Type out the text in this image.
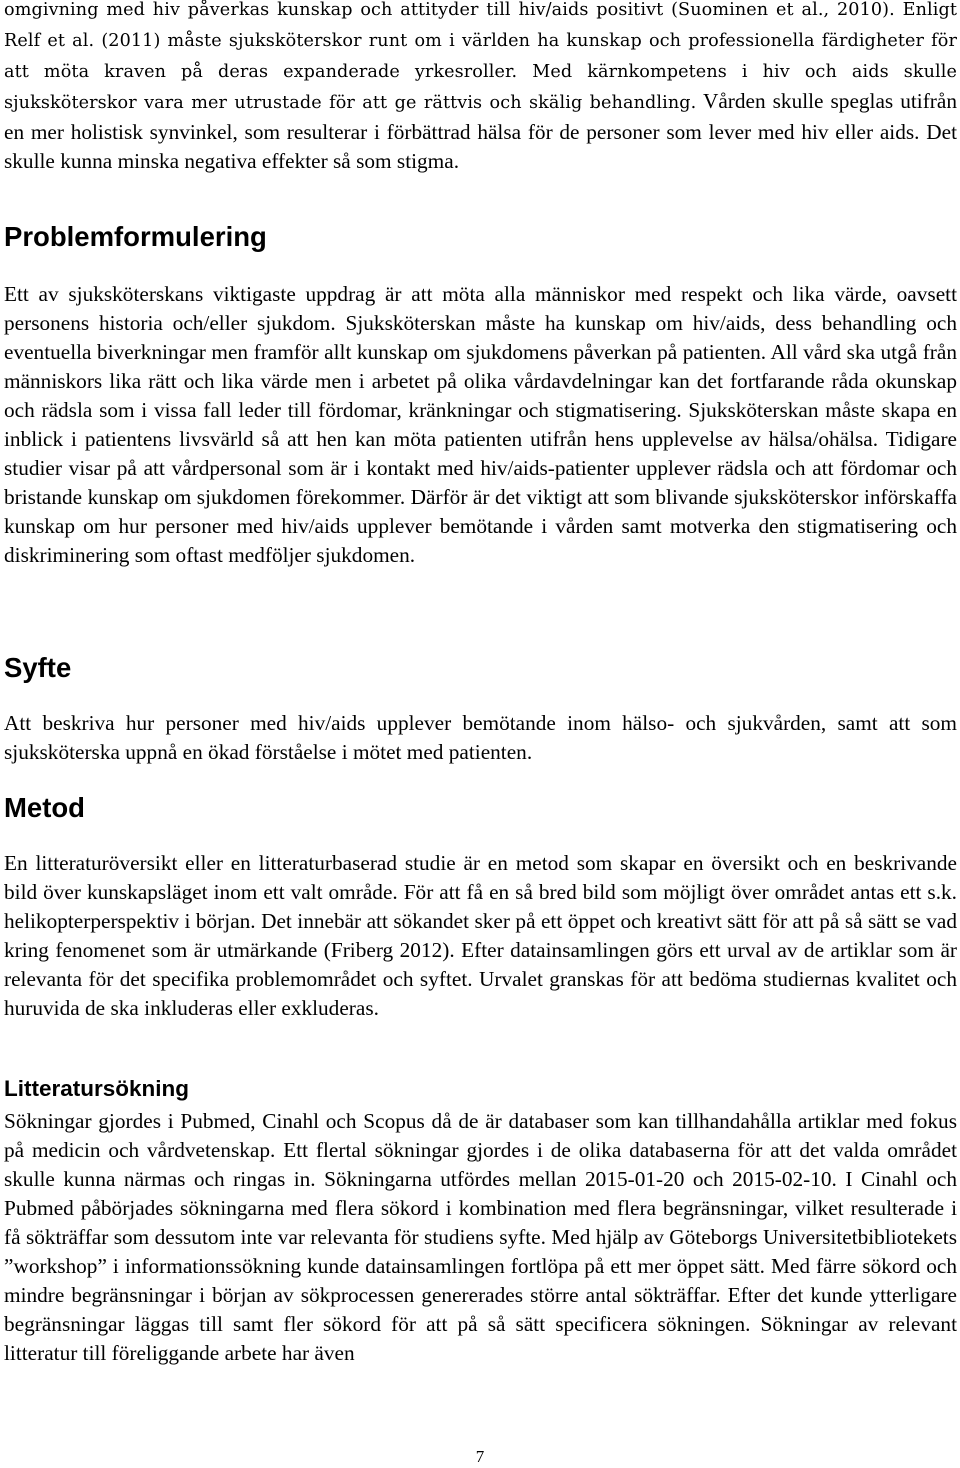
omgivning med hiv påverkas kunskap och attityder till hiv/aids positivt (Suominen et al., 2010). Enligt Relf et al. (2011) måste sjuksköterskor runt om i världen ha kunskap och professionella färdigheter för att möta kraven på deras expanderade yrkesroller. Med kärnkompetens i hiv och aids skulle sjuksköterskor vara mer utrustade för att ge rättvis och skälig behandling. Vården skulle speglas utifrån en mer holistisk synvinkel, som resulterar i förbättrad hälsa för de personer som lever med hiv eller aids. Det skulle kunna minska negativa effekter så som stigma.

Problemformulering

Ett av sjuksköterskans viktigaste uppdrag är att möta alla människor med respekt och lika värde, oavsett personens historia och/eller sjukdom. Sjuksköterskan måste ha kunskap om hiv/aids, dess behandling och eventuella biverkningar men framför allt kunskap om sjukdomens påverkan på patienten. All vård ska utgå från människors lika rätt och lika värde men i arbetet på olika vårdavdelningar kan det fortfarande råda okunskap och rädsla som i vissa fall leder till fördomar, kränkningar och stigmatisering. Sjuksköterskan måste skapa en inblick i patientens livsvärld så att hen kan möta patienten utifrån hens upplevelse av hälsa/ohälsa. Tidigare studier visar på att vårdpersonal som är i kontakt med hiv/aids-patienter upplever rädsla och att fördomar och bristande kunskap om sjukdomen förekommer. Därför är det viktigt att som blivande sjuksköterskor införskaffa kunskap om hur personer med hiv/aids upplever bemötande i vården samt motverka den stigmatisering och diskriminering som oftast medföljer sjukdomen.

Syfte

Att beskriva hur personer med hiv/aids upplever bemötande inom hälso- och sjukvården, samt att som sjuksköterska uppnå en ökad förståelse i mötet med patienten.

Metod

En litteraturöversikt eller en litteraturbaserad studie är en metod som skapar en översikt och en beskrivande bild över kunskapsläget inom ett valt område. För att få en så bred bild som möjligt över området antas ett s.k. helikopterperspektiv i början. Det innebär att sökandet sker på ett öppet och kreativt sätt för att på så sätt se vad kring fenomenet som är utmärkande (Friberg 2012). Efter datainsamlingen görs ett urval av de artiklar som är relevanta för det specifika problemområdet och syftet. Urvalet granskas för att bedöma studiernas kvalitet och huruvida de ska inkluderas eller exkluderas.

Litteratursökning

Sökningar gjordes i Pubmed, Cinahl och Scopus då de är databaser som kan tillhandahålla artiklar med fokus på medicin och vårdvetenskap. Ett flertal sökningar gjordes i de olika databaserna för att det valda området skulle kunna närmas och ringas in. Sökningarna utfördes mellan 2015-01-20 och 2015-02-10. I Cinahl och Pubmed påbörjades sökningarna med flera sökord i kombination med flera begränsningar, vilket resulterade i få sökträffar som dessutom inte var relevanta för studiens syfte. Med hjälp av Göteborgs Universitetbibliotekets ”workshop” i informationssökning kunde datainsamlingen fortlöpa på ett mer öppet sätt. Med färre sökord och mindre begränsningar i början av sökprocessen genererades större antal sökträffar. Efter det kunde ytterligare begränsningar läggas till samt fler sökord för att på så sätt specificera sökningen. Sökningar av relevant litteratur till föreliggande arbete har även

7
